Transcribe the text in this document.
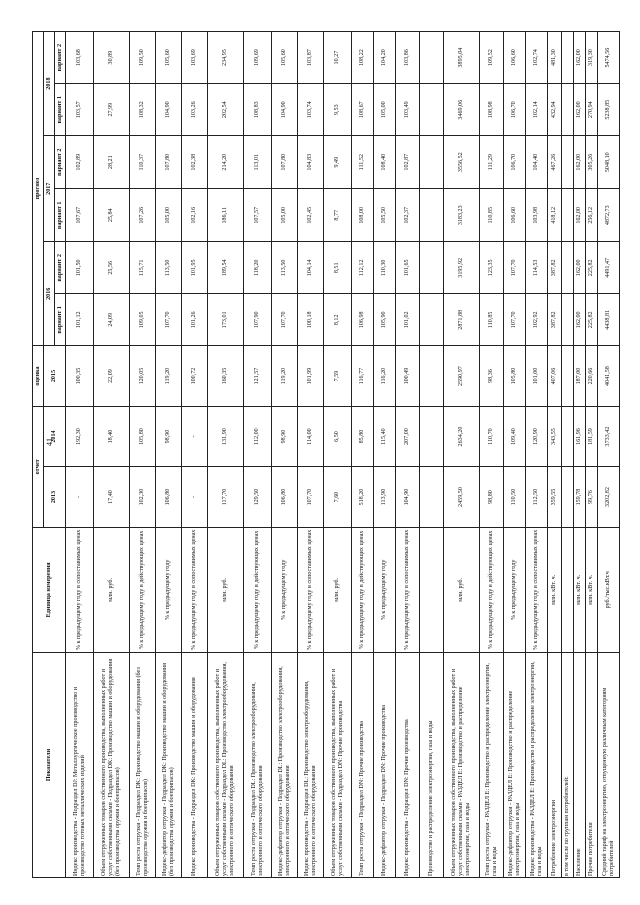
41
Показатели	Единица измерения	отчет		оценка	прогноз					
		2013	2014	2015	2016		2017		2018	
					вариант 1	вариант 2	вариант 1	вариант 2	вариант 1	вариант 2
Индекс производства - Подраздел DJ: Металлургическое производство и производство готовых металлических изделий	% к предыдущему году в сопоставимых ценах	-	192,30	100,35	101,12	101,50	107,67	102,89	103,57	103,68
Объем отгруженных товаров собственного производства, выполненных работ и услуг собственными силами - Подраздел DK: Производство машин и оборудования (без производства оружия и боеприпасов)	млн. руб.	17,40	18,40	22,09	24,09	25,56	25,84	28,21	27,99	30,89
Темп роста отгрузки - Подраздел DK: Производство машин и оборудования (без производства оружия и боеприпасов)	% к предыдущему году в действующих ценах	102,30	105,80	120,05	109,05	115,71	107,26	110,37	108,32	109,50
Индекс-дефлятор отгрузки - Подраздел DK: Производство машин и оборудования (без производства оружия и боеприпасов)	% к предыдущему году	106,80	98,90	119,20	107,70	113,50	105,00	107,80	104,90	105,60
Индекс производства - Подраздел DK: Производство машин и оборудования	% к предыдущему году в сопоставимых ценах	-	-	100,72	101,26	101,95	102,16	102,38	103,26	103,69
Объем отгруженных товаров собственного производства, выполненных работ и услуг собственными силами - Подраздел DL: Производство электрооборудования, электронного и оптического оборудования	млн. руб.	117,70	131,90	160,35	173,01	189,54	186,11	214,20	202,54	234,95
Темп роста отгрузки - Подраздел DL: Производство электрооборудования, электронного и оптического оборудования	% к предыдущему году в действующих ценах	129,50	112,00	121,57	107,90	118,20	107,57	113,01	108,83	109,69
Индекс-дефлятор отгрузки - Подраздел DL: Производство электрооборудования, электронного и оптического оборудования	% к предыдущему году	106,80	98,90	119,20	107,70	113,50	105,00	107,80	104,90	105,60
Индекс производства - Подраздел DL: Производство электрооборудования, электронного и оптического оборудования	% к предыдущему году в сопоставимых ценах	107,70	114,00	101,99	100,18	104,14	102,45	104,83	103,74	103,87
Объем отгруженных товаров собственного производства, выполненных работ и услуг собственными силами - Подраздел DN: Прочие производства	млн. руб.	7,60	6,50	7,59	8,12	8,51	8,77	9,49	9,53	10,27
Темп роста отгрузки - Подраздел DN: Прочие производства	% к предыдущему году в действующих ценах	518,20	85,80	116,77	106,98	112,12	108,00	111,52	108,67	108,22
Индекс-дефлятор отгрузки - Подраздел DN: Прочие производства	% к предыдущему году	113,90	115,40	116,20	105,90	110,30	105,50	108,40	105,00	104,20
Индекс производства - Подраздел DN: Прочие производства	% к предыдущему году в сопоставимых ценах	104,90	207,00	100,49	101,02	101,65	102,37	102,87	103,49	103,86
Производство и распределение электроэнергии, газа и воды										
Объем отгруженных товаров собственного производства, выполненных работ и услуг собственными силами - РАЗДЕЛ E: Производство и распределение электроэнергии, газа и воды	млн. руб.	2459,50	2634,20	2590,97	2871,88	3195,92	3183,23	3556,52	3469,06	3895,04
Темп роста отгрузки - РАЗДЕЛ E: Производство и распределение электроэнергии, газа и воды	% к предыдущему году в действующих ценах	98,80	110,70	98,36	110,85	123,35	110,85	111,29	108,98	109,52
Индекс-дефлятор отгрузки - РАЗДЕЛ E: Производство и распределение электроэнергии, газа и воды	% к предыдущему году	110,50	109,40	105,80	107,70	107,70	106,60	106,70	106,70	106,60
Индекс производства - РАЗДЕЛ E: Производство и распределение электроэнергии, газа и воды	% к предыдущему году в сопоставимых ценах	112,50	120,90	101,00	102,92	114,53	103,98	104,40	102,14	102,74
Потребление электроэнергии	млн. кВт. ч.	359,55	343,55	407,06	387,82	387,82	418,12	467,26	432,94	481,30
в том числе по группам потребителей:										
Население	млн. кВт. ч.	159,78	161,96	187,00	162,00	162,00	162,00	162,00	162,00	162,00
Прочие потребители	млн. кВт. ч.	99,76	181,59	220,66	225,82	225,82	256,12	305,26	270,94	319,30
Средний тариф на электроэнергию, отпущенную различным категориям потребителей	руб./тыс.кВт.ч	3202,82	3733,42	4041,58	4438,81	4491,47	4872,73	5048,10	5238,85	5474,56
